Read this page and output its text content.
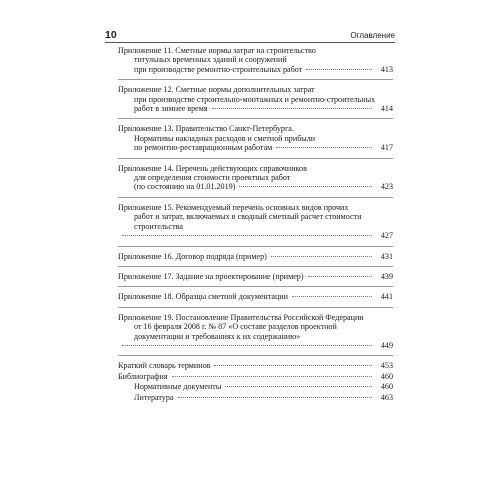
10	Оглавление
Приложение 11. Сметные нормы затрат на строительство
титульных временных зданий и сооружений
при производстве ремонтно-строительных работ	413
Приложение 12. Сметные нормы дополнительных затрат
при производстве строительно-монтажных и ремонтно-строительных
работ в зимнее время	414
Приложение 13. Правительство Санкт-Петербурга.
Нормативы накладных расходов и сметной прибыли
по ремонтно-реставрационным работам	417
Приложение 14. Перечень действующих справочников
для определения стоимости проектных работ
(по состоянию на 01.01.2019)	423
Приложение 15. Рекомендуемый перечень основных видов прочих
работ и затрат, включаемых в сводный сметный расчет стоимости
строительства
427
Приложение 16. Договор подряда (пример)	431
Приложение 17. Задание на проектирование (пример)	439
Приложение 18. Образцы сметной документации	441
Приложение 19. Постановление Правительства Российской Федерации
от 16 февраля 2008 г. № 87 «О составе разделов проектной
документации и требованиях к их содержанию»
449
Краткий словарь терминов	453
Библиография	460
Нормативные документы	460
Литература	463
